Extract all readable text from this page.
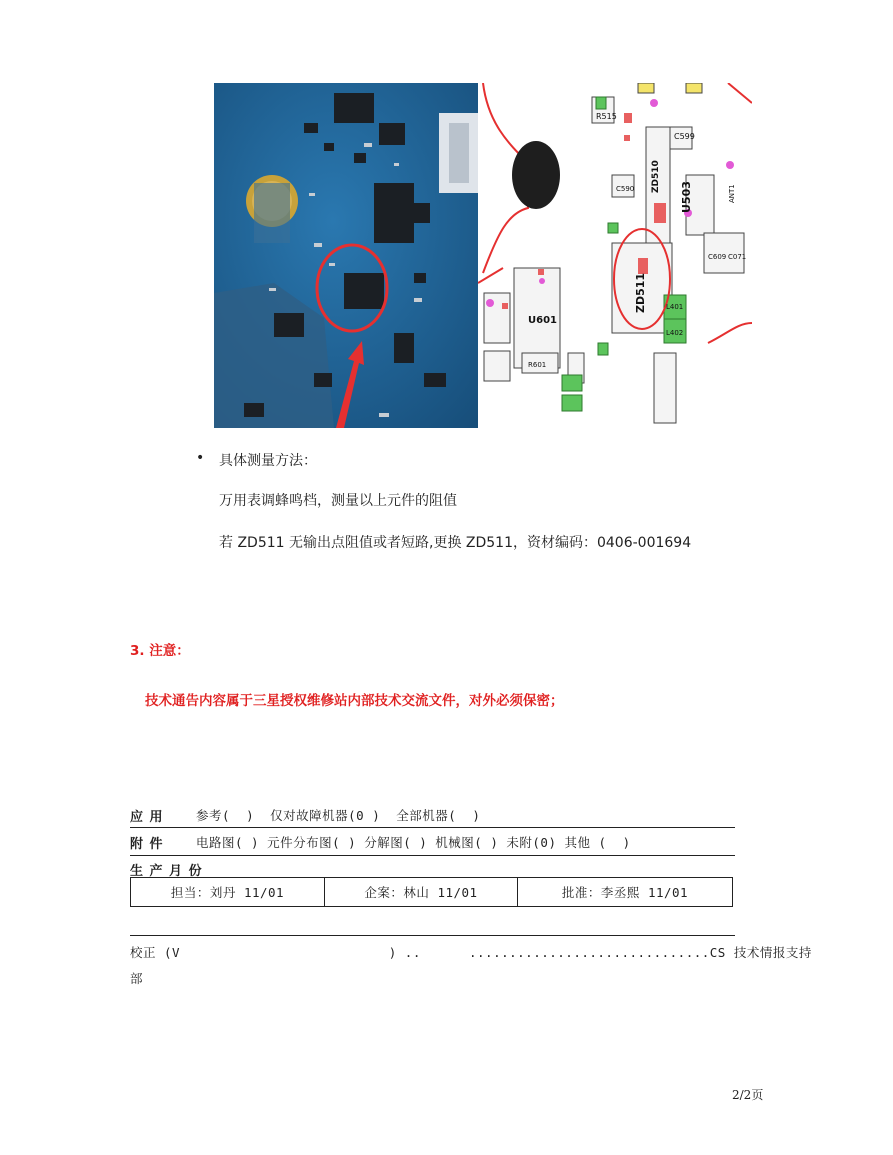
R515
C599
ZD510
U503
C590
ZD511
U601
R601
L401
L402
C609 C071
ANT1
• 具体测量方法：
万用表调蜂鸣档，测量以上元件的阻值
若 ZD511 无输出点阻值或者短路,更换 ZD511，资材编码：0406-001694
3. 注意：
技术通告内容属于三星授权维修站内部技术交流文件，对外必须保密；
应 用	参考(  )  仅对故障机器(0 )  全部机器(  )
附 件	电路图( ) 元件分布图( ) 分解图( ) 机械图( ) 未附(0) 其他 (  )
生 产 月 份
担当：刘丹 11/01	企案：林山 11/01	批准：李丞熙 11/01
校正 (V                          ) ..      ..............................CS 技术情报支持
部
2/2页
